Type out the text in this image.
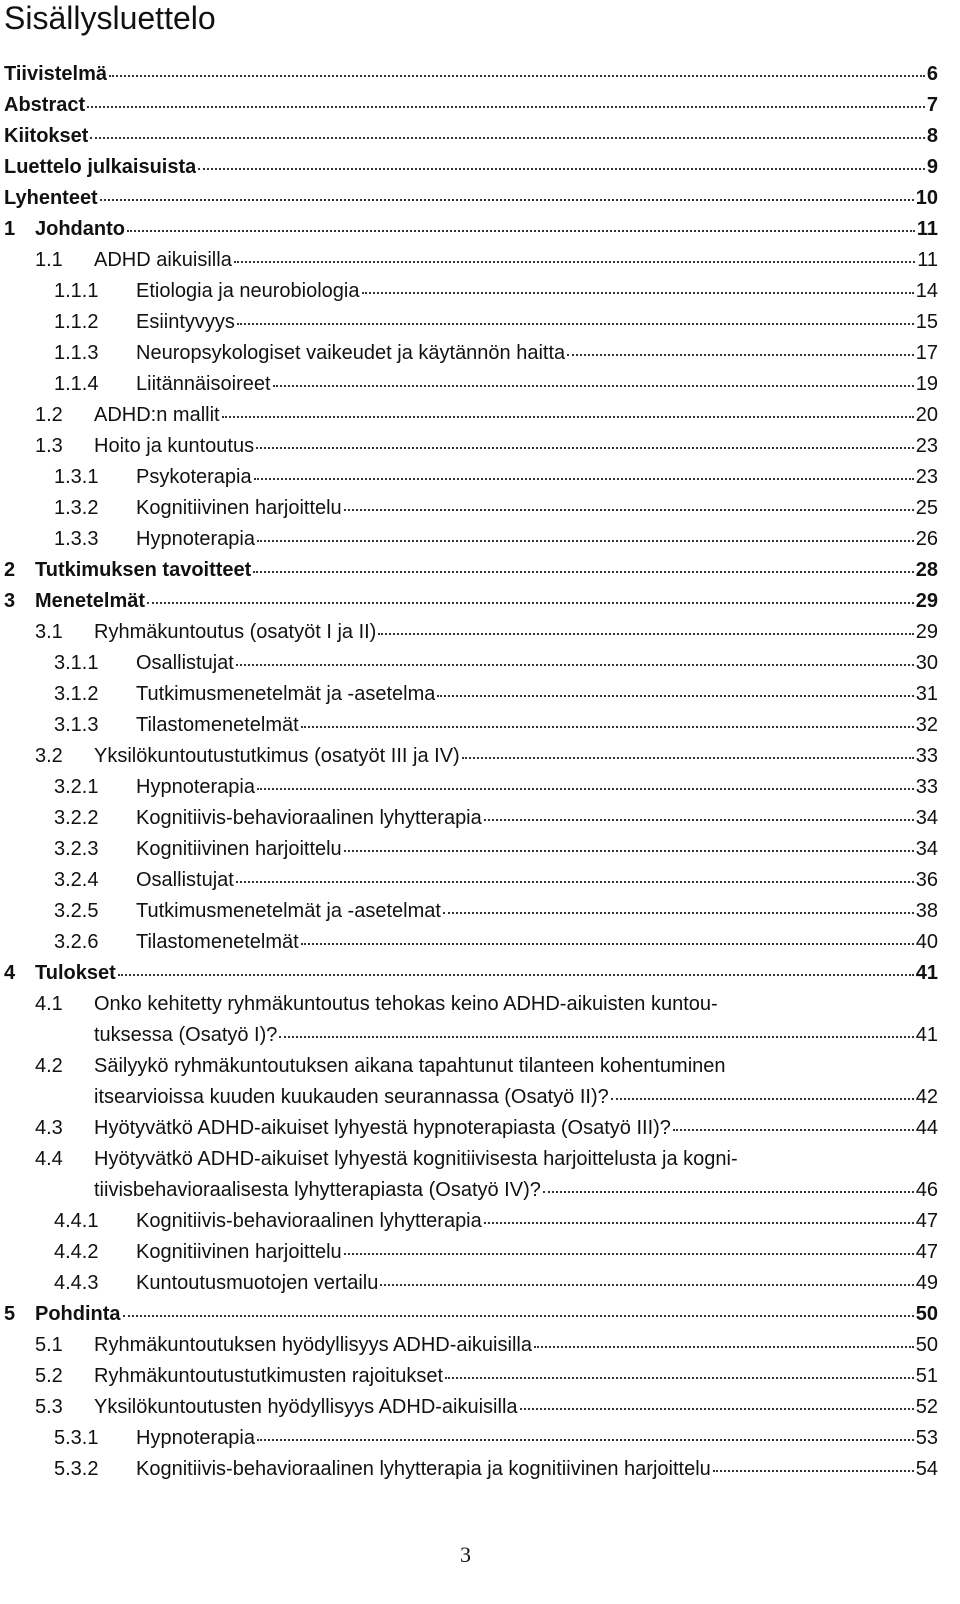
Sisällysluettelo
Tiivistelmä	6
Abstract	7
Kiitokset	8
Luettelo julkaisuista	9
Lyhenteet	10
1 Johdanto	11
1.1	ADHD aikuisilla	11
1.1.1	Etiologia ja neurobiologia	14
1.1.2	Esiintyvyys	15
1.1.3	Neuropsykologiset vaikeudet ja käytännön haitta	17
1.1.4	Liitännäisoireet	19
1.2	ADHD:n mallit	20
1.3	Hoito ja kuntoutus	23
1.3.1	Psykoterapia	23
1.3.2	Kognitiivinen harjoittelu	25
1.3.3	Hypnoterapia	26
2 Tutkimuksen tavoitteet	28
3 Menetelmät	29
3.1	Ryhmäkuntoutus (osatyöt I ja II)	29
3.1.1	Osallistujat	30
3.1.2	Tutkimusmenetelmät ja -asetelma	31
3.1.3	Tilastomenetelmät	32
3.2	Yksilökuntoutustutkimus (osatyöt III ja IV)	33
3.2.1	Hypnoterapia	33
3.2.2	Kognitiivis-behavioraalinen lyhytterapia	34
3.2.3	Kognitiivinen harjoittelu	34
3.2.4	Osallistujat	36
3.2.5	Tutkimusmenetelmät ja -asetelmat	38
3.2.6	Tilastomenetelmät	40
4 Tulokset	41
4.1	Onko kehitetty ryhmäkuntoutus tehokas keino ADHD-aikuisten kuntou-
tuksessa (Osatyö I)?	41
4.2	Säilyykö ryhmäkuntoutuksen aikana tapahtunut tilanteen kohentuminen
itsearvioissa kuuden kuukauden seurannassa (Osatyö II)?	42
4.3	Hyötyvätkö ADHD-aikuiset lyhyestä hypnoterapiasta (Osatyö III)?	44
4.4	Hyötyvätkö ADHD-aikuiset lyhyestä kognitiivisesta harjoittelusta ja kogni-
tiivisbehavioraalisesta lyhytterapiasta (Osatyö IV)?	46
4.4.1	Kognitiivis-behavioraalinen lyhytterapia	47
4.4.2	Kognitiivinen harjoittelu	47
4.4.3	Kuntoutusmuotojen vertailu	49
5 Pohdinta	50
5.1	Ryhmäkuntoutuksen hyödyllisyys ADHD-aikuisilla	50
5.2	Ryhmäkuntoutustutkimusten rajoitukset	51
5.3	Yksilökuntoutusten hyödyllisyys ADHD-aikuisilla	52
5.3.1	Hypnoterapia	53
5.3.2	Kognitiivis-behavioraalinen lyhytterapia ja kognitiivinen harjoittelu	54
3
